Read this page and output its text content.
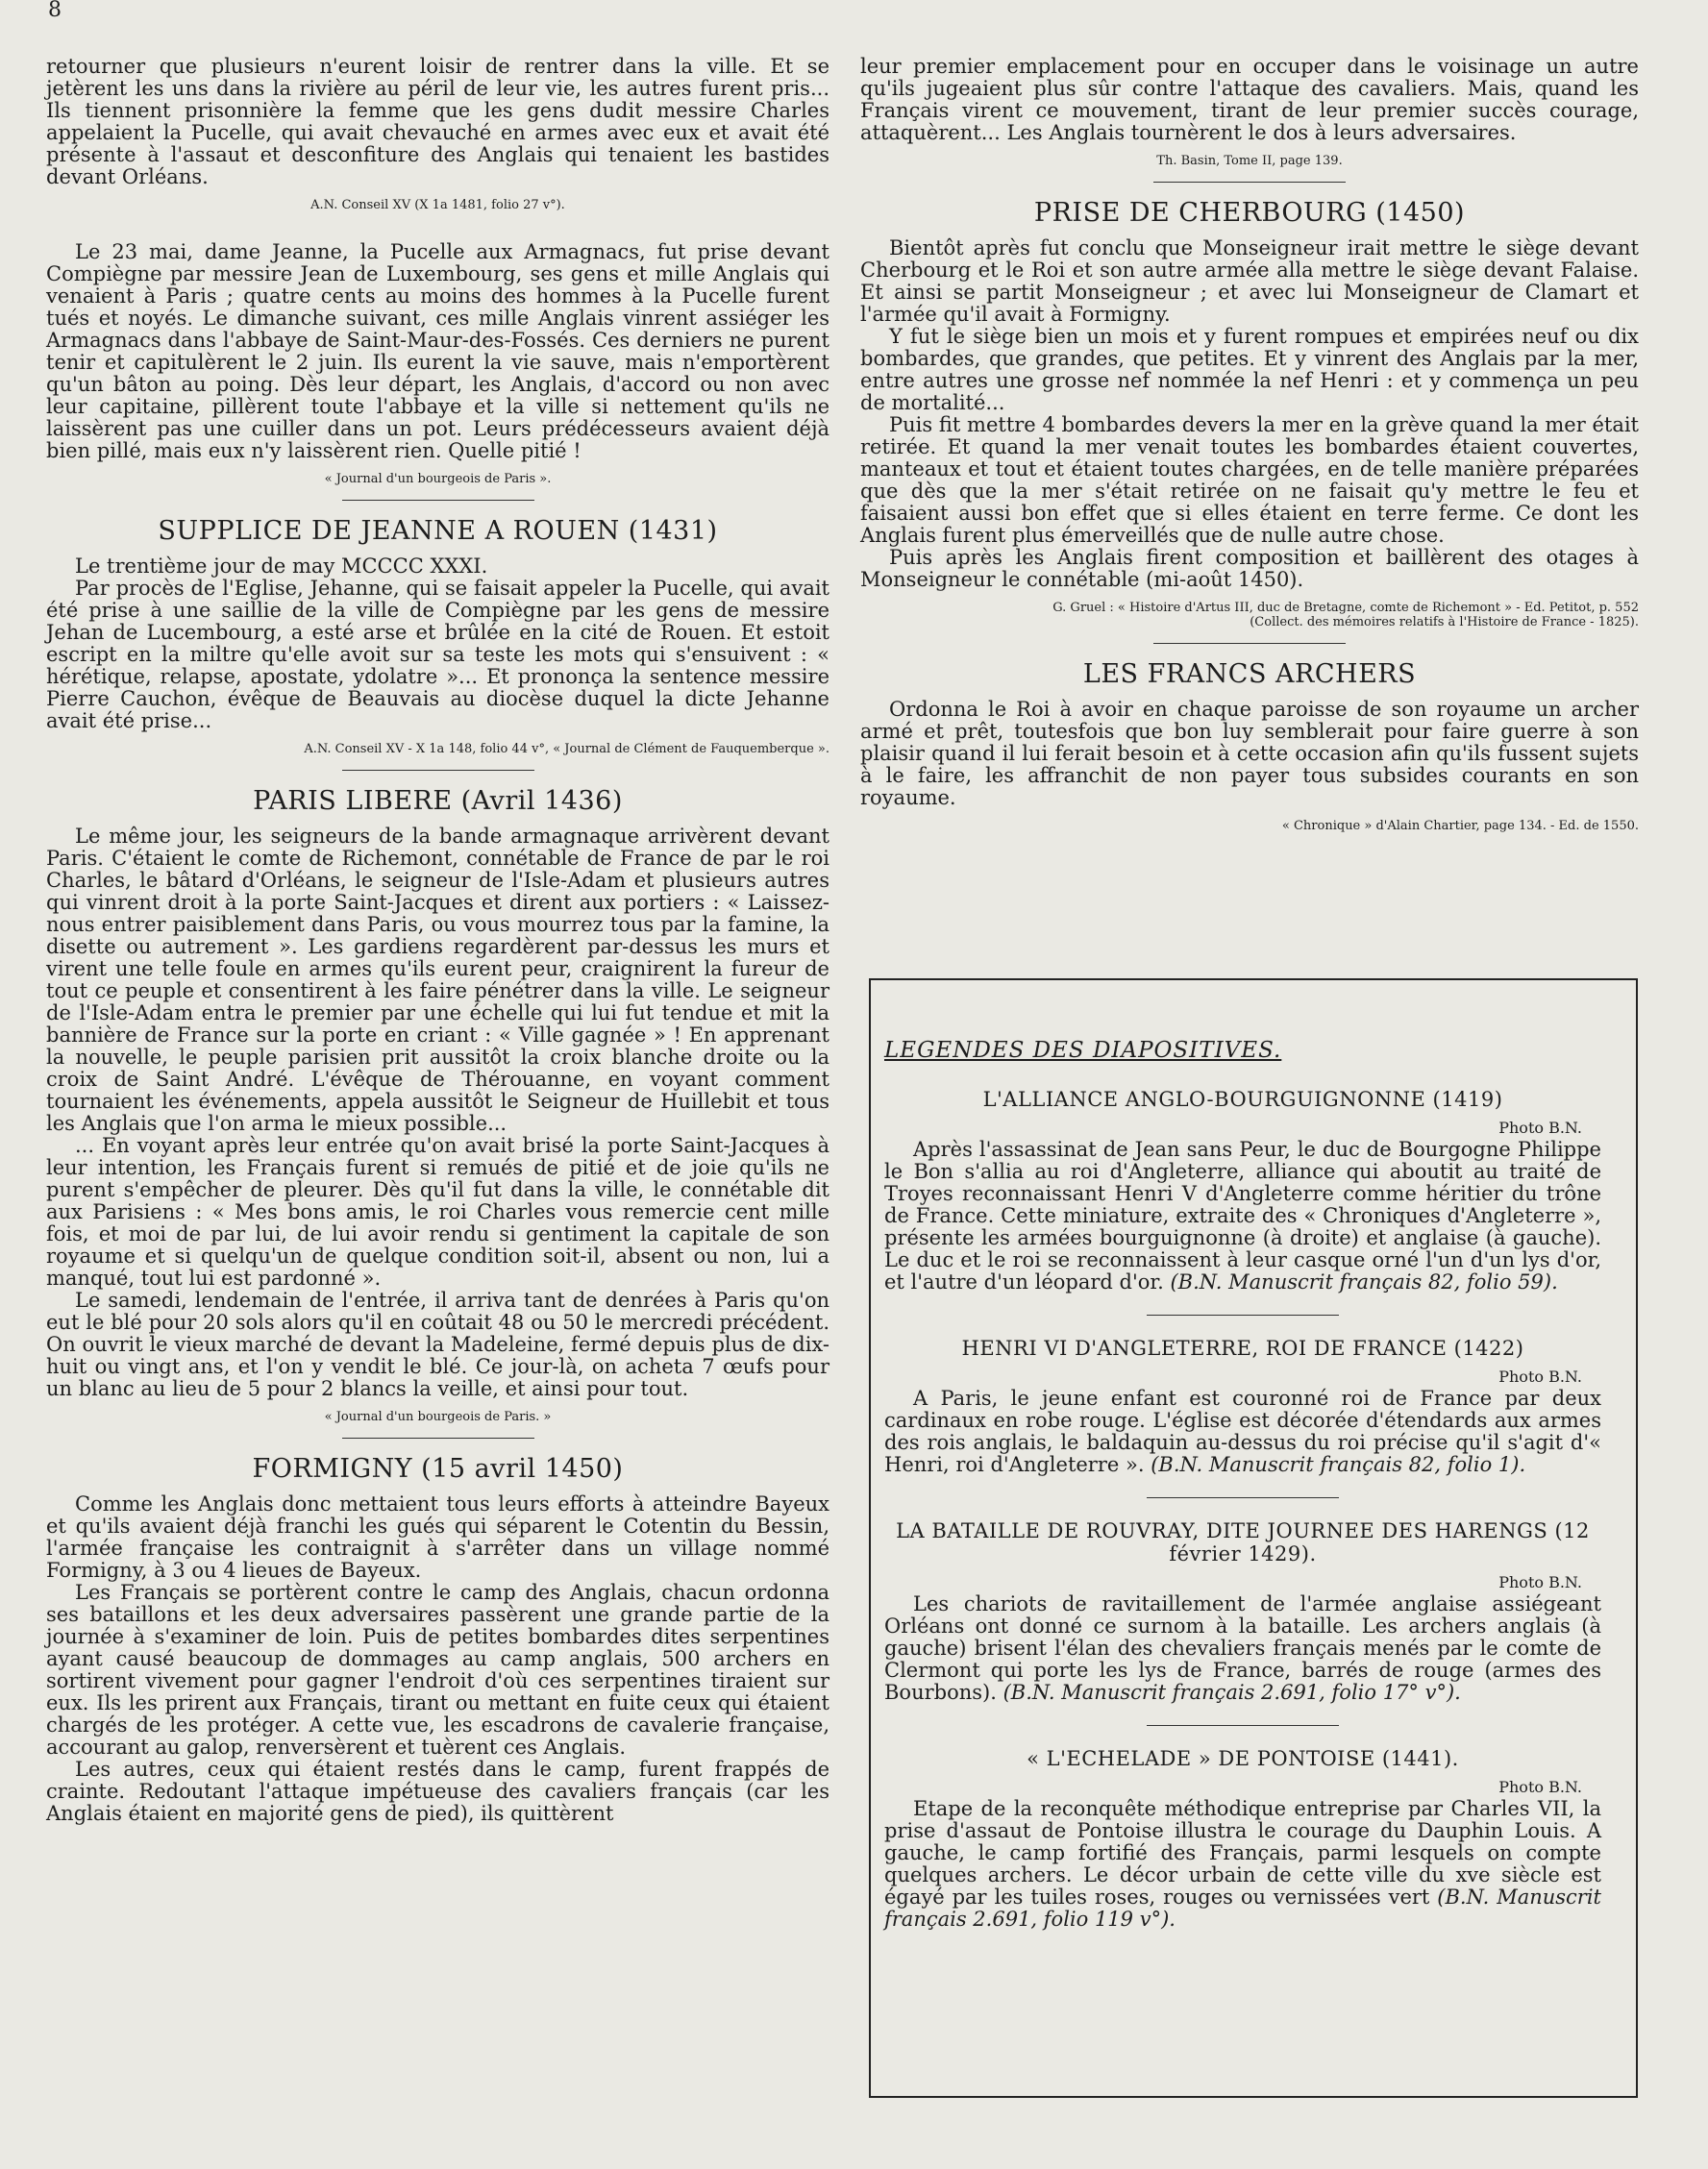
8

retourner que plusieurs n'eurent loisir de rentrer dans la ville. Et se jetèrent les uns dans la rivière au péril de leur vie, les autres furent pris... Ils tiennent prisonnière la femme que les gens dudit messire Charles appelaient la Pucelle, qui avait chevauché en armes avec eux et avait été présente à l'assaut et desconfiture des Anglais qui tenaient les bastides devant Orléans.

A.N. Conseil XV (X 1a 1481, folio 27 v°).

Le 23 mai, dame Jeanne, la Pucelle aux Armagnacs, fut prise devant Compiègne par messire Jean de Luxembourg, ses gens et mille Anglais qui venaient à Paris ; quatre cents au moins des hommes à la Pucelle furent tués et noyés. Le dimanche suivant, ces mille Anglais vinrent assiéger les Armagnacs dans l'abbaye de Saint-Maur-des-Fossés. Ces derniers ne purent tenir et capitulèrent le 2 juin. Ils eurent la vie sauve, mais n'emportèrent qu'un bâton au poing. Dès leur départ, les Anglais, d'accord ou non avec leur capitaine, pillèrent toute l'abbaye et la ville si nettement qu'ils ne laissèrent pas une cuiller dans un pot. Leurs prédécesseurs avaient déjà bien pillé, mais eux n'y laissèrent rien. Quelle pitié !

« Journal d'un bourgeois de Paris ».
SUPPLICE DE JEANNE A ROUEN (1431)

Le trentième jour de may MCCCC XXXI.

Par procès de l'Eglise, Jehanne, qui se faisait appeler la Pucelle, qui avait été prise à une saillie de la ville de Compiègne par les gens de messire Jehan de Lucembourg, a esté arse et brûlée en la cité de Rouen. Et estoit escript en la miltre qu'elle avoit sur sa teste les mots qui s'ensuivent : « hérétique, relapse, apostate, ydolatre »... Et prononça la sentence messire Pierre Cauchon, évêque de Beauvais au diocèse duquel la dicte Jehanne avait été prise...

A.N. Conseil XV - X 1a 148, folio 44 v°, « Journal de Clément de Fauquemberque ».
PARIS LIBERE (Avril 1436)

Le même jour, les seigneurs de la bande armagnaque arrivèrent devant Paris. C'étaient le comte de Richemont, connétable de France de par le roi Charles, le bâtard d'Orléans, le seigneur de l'Isle-Adam et plusieurs autres qui vinrent droit à la porte Saint-Jacques et dirent aux portiers : « Laissez-nous entrer paisiblement dans Paris, ou vous mourrez tous par la famine, la disette ou autrement ». Les gardiens regardèrent par-dessus les murs et virent une telle foule en armes qu'ils eurent peur, craignirent la fureur de tout ce peuple et consentirent à les faire pénétrer dans la ville. Le seigneur de l'Isle-Adam entra le premier par une échelle qui lui fut tendue et mit la bannière de France sur la porte en criant : « Ville gagnée » ! En apprenant la nouvelle, le peuple parisien prit aussitôt la croix blanche droite ou la croix de Saint André. L'évêque de Thérouanne, en voyant comment tournaient les événements, appela aussitôt le Seigneur de Huillebit et tous les Anglais que l'on arma le mieux possible...

... En voyant après leur entrée qu'on avait brisé la porte Saint-Jacques à leur intention, les Français furent si remués de pitié et de joie qu'ils ne purent s'empêcher de pleurer. Dès qu'il fut dans la ville, le connétable dit aux Parisiens : « Mes bons amis, le roi Charles vous remercie cent mille fois, et moi de par lui, de lui avoir rendu si gentiment la capitale de son royaume et si quelqu'un de quelque condition soit-il, absent ou non, lui a manqué, tout lui est pardonné ».

Le samedi, lendemain de l'entrée, il arriva tant de denrées à Paris qu'on eut le blé pour 20 sols alors qu'il en coûtait 48 ou 50 le mercredi précédent. On ouvrit le vieux marché de devant la Madeleine, fermé depuis plus de dix-huit ou vingt ans, et l'on y vendit le blé. Ce jour-là, on acheta 7 œufs pour un blanc au lieu de 5 pour 2 blancs la veille, et ainsi pour tout.

« Journal d'un bourgeois de Paris. »
FORMIGNY (15 avril 1450)

Comme les Anglais donc mettaient tous leurs efforts à atteindre Bayeux et qu'ils avaient déjà franchi les gués qui séparent le Cotentin du Bessin, l'armée française les contraignit à s'arrêter dans un village nommé Formigny, à 3 ou 4 lieues de Bayeux.

Les Français se portèrent contre le camp des Anglais, chacun ordonna ses bataillons et les deux adversaires passèrent une grande partie de la journée à s'examiner de loin. Puis de petites bombardes dites serpentines ayant causé beaucoup de dommages au camp anglais, 500 archers en sortirent vivement pour gagner l'endroit d'où ces serpentines tiraient sur eux. Ils les prirent aux Français, tirant ou mettant en fuite ceux qui étaient chargés de les protéger. A cette vue, les escadrons de cavalerie française, accourant au galop, renversèrent et tuèrent ces Anglais.

Les autres, ceux qui étaient restés dans le camp, furent frappés de crainte. Redoutant l'attaque impétueuse des cavaliers français (car les Anglais étaient en majorité gens de pied), ils quittèrent

leur premier emplacement pour en occuper dans le voisinage un autre qu'ils jugeaient plus sûr contre l'attaque des cavaliers. Mais, quand les Français virent ce mouvement, tirant de leur premier succès courage, attaquèrent... Les Anglais tournèrent le dos à leurs adversaires.

Th. Basin, Tome II, page 139.
PRISE DE CHERBOURG (1450)

Bientôt après fut conclu que Monseigneur irait mettre le siège devant Cherbourg et le Roi et son autre armée alla mettre le siège devant Falaise. Et ainsi se partit Monseigneur ; et avec lui Monseigneur de Clamart et l'armée qu'il avait à Formigny.

Y fut le siège bien un mois et y furent rompues et empirées neuf ou dix bombardes, que grandes, que petites. Et y vinrent des Anglais par la mer, entre autres une grosse nef nommée la nef Henri : et y commença un peu de mortalité...

Puis fit mettre 4 bombardes devers la mer en la grève quand la mer était retirée. Et quand la mer venait toutes les bombardes étaient couvertes, manteaux et tout et étaient toutes chargées, en de telle manière préparées que dès que la mer s'était retirée on ne faisait qu'y mettre le feu et faisaient aussi bon effet que si elles étaient en terre ferme. Ce dont les Anglais furent plus émerveillés que de nulle autre chose.

Puis après les Anglais firent composition et baillèrent des otages à Monseigneur le connétable (mi-août 1450).

G. Gruel : « Histoire d'Artus III, duc de Bretagne, comte de Richemont » - Ed. Petitot, p. 552 (Collect. des mémoires relatifs à l'Histoire de France - 1825).
LES FRANCS ARCHERS

Ordonna le Roi à avoir en chaque paroisse de son royaume un archer armé et prêt, toutesfois que bon luy semblerait pour faire guerre à son plaisir quand il lui ferait besoin et à cette occasion afin qu'ils fussent sujets à le faire, les affranchit de non payer tous subsides courants en son royaume.

« Chronique » d'Alain Chartier, page 134. - Ed. de 1550.
LEGENDES DES DIAPOSITIVES.
L'ALLIANCE ANGLO-BOURGUIGNONNE (1419)
Photo B.N.

Après l'assassinat de Jean sans Peur, le duc de Bourgogne Philippe le Bon s'allia au roi d'Angleterre, alliance qui aboutit au traité de Troyes reconnaissant Henri V d'Angleterre comme héritier du trône de France. Cette miniature, extraite des « Chroniques d'Angleterre », présente les armées bourguignonne (à droite) et anglaise (à gauche). Le duc et le roi se reconnaissent à leur casque orné l'un d'un lys d'or, et l'autre d'un léopard d'or. (B.N. Manuscrit français 82, folio 59).

HENRI VI D'ANGLETERRE, ROI DE FRANCE (1422)
Photo B.N.

A Paris, le jeune enfant est couronné roi de France par deux cardinaux en robe rouge. L'église est décorée d'étendards aux armes des rois anglais, le baldaquin au-dessus du roi précise qu'il s'agit d'« Henri, roi d'Angleterre ». (B.N. Manuscrit français 82, folio 1).

LA BATAILLE DE ROUVRAY, DITE JOURNEE DES HARENGS (12 février 1429).
Photo B.N.

Les chariots de ravitaillement de l'armée anglaise assiégeant Orléans ont donné ce surnom à la bataille. Les archers anglais (à gauche) brisent l'élan des chevaliers français menés par le comte de Clermont qui porte les lys de France, barrés de rouge (armes des Bourbons). (B.N. Manuscrit français 2.691, folio 17° v°).

« L'ECHELADE » DE PONTOISE (1441).
Photo B.N.

Etape de la reconquête méthodique entreprise par Charles VII, la prise d'assaut de Pontoise illustra le courage du Dauphin Louis. A gauche, le camp fortifié des Français, parmi lesquels on compte quelques archers. Le décor urbain de cette ville du xve siècle est égayé par les tuiles roses, rouges ou vernissées vert (B.N. Manuscrit français 2.691, folio 119 v°).
